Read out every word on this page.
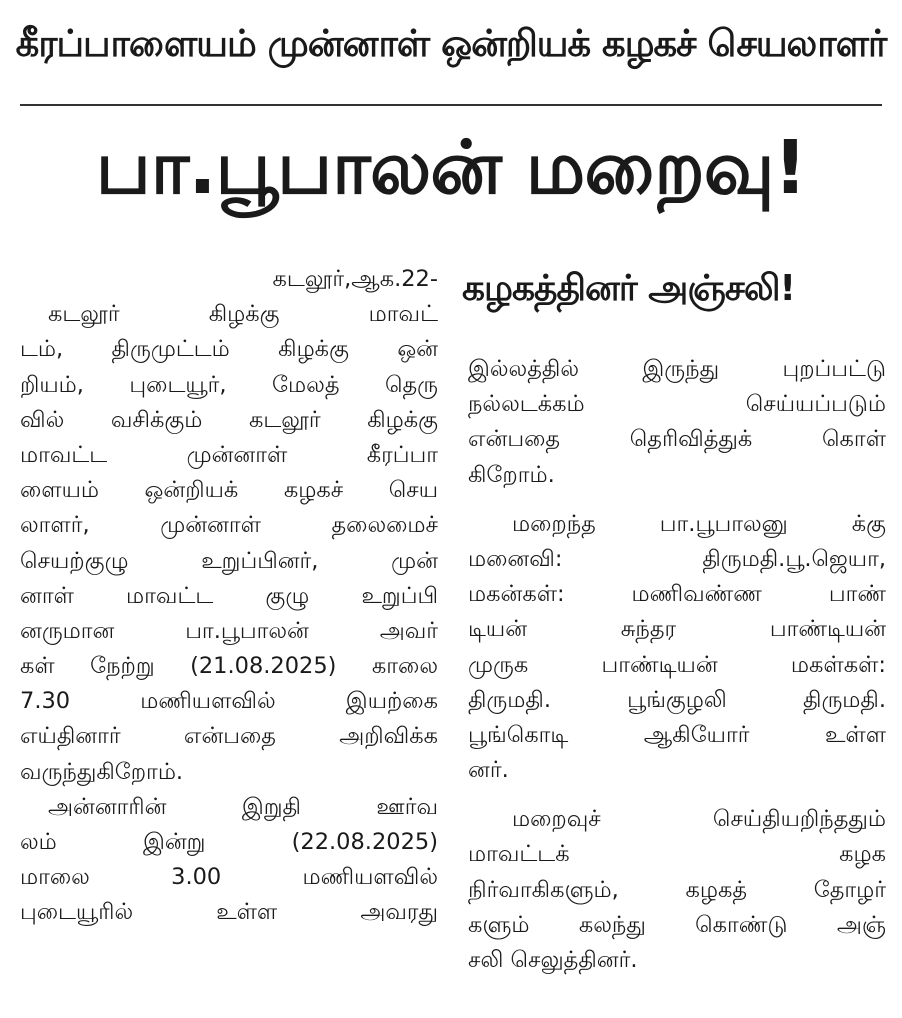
கீரப்பாளையம் முன்னாள் ஒன்றியக் கழகச் செயலாளர்
பா.பூபாலன் மறைவு!
கடலூர்,ஆக.22-
கடலூர் கிழக்கு மாவட்
டம், திருமுட்டம் கிழக்கு ஒன்
றியம், புடையூர், மேலத் தெரு
வில் வசிக்கும் கடலூர் கிழக்கு
மாவட்ட முன்னாள் கீரப்பா
ளையம் ஒன்றியக் கழகச் செய
லாளர், முன்னாள் தலைமைச்
செயற்குழு உறுப்பினர், முன்
னாள் மாவட்ட குழு உறுப்பி
னருமான பா.பூபாலன் அவர்
கள் நேற்று (21.08.2025) காலை
7.30 மணியளவில் இயற்கை
எய்தினார் என்பதை அறிவிக்க
வருந்துகிறோம்.
அன்னாரின் இறுதி ஊர்வ
லம் இன்று (22.08.2025)
மாலை 3.00 மணியளவில்
புடையூரில் உள்ள அவரது
கழகத்தினர் அஞ்சலி!
இல்லத்தில் இருந்து புறப்பட்டு
நல்லடக்கம் செய்யப்படும்
என்பதை தெரிவித்துக் கொள்
கிறோம்.
மறைந்த பா.பூபாலனு க்கு
மனைவி: திருமதி.பூ.ஜெயா,
மகன்கள்: மணிவண்ண பாண்
டியன் சுந்தர பாண்டியன்
முருக பாண்டியன் மகள்கள்:
திருமதி. பூங்குழலி திருமதி.
பூங்கொடி ஆகியோர் உள்ள
னர்.
மறைவுச் செய்தியறிந்ததும்
மாவட்டக் கழக
நிர்வாகிகளும், கழகத் தோழர்
களும் கலந்து கொண்டு அஞ்
சலி செலுத்தினர்.
